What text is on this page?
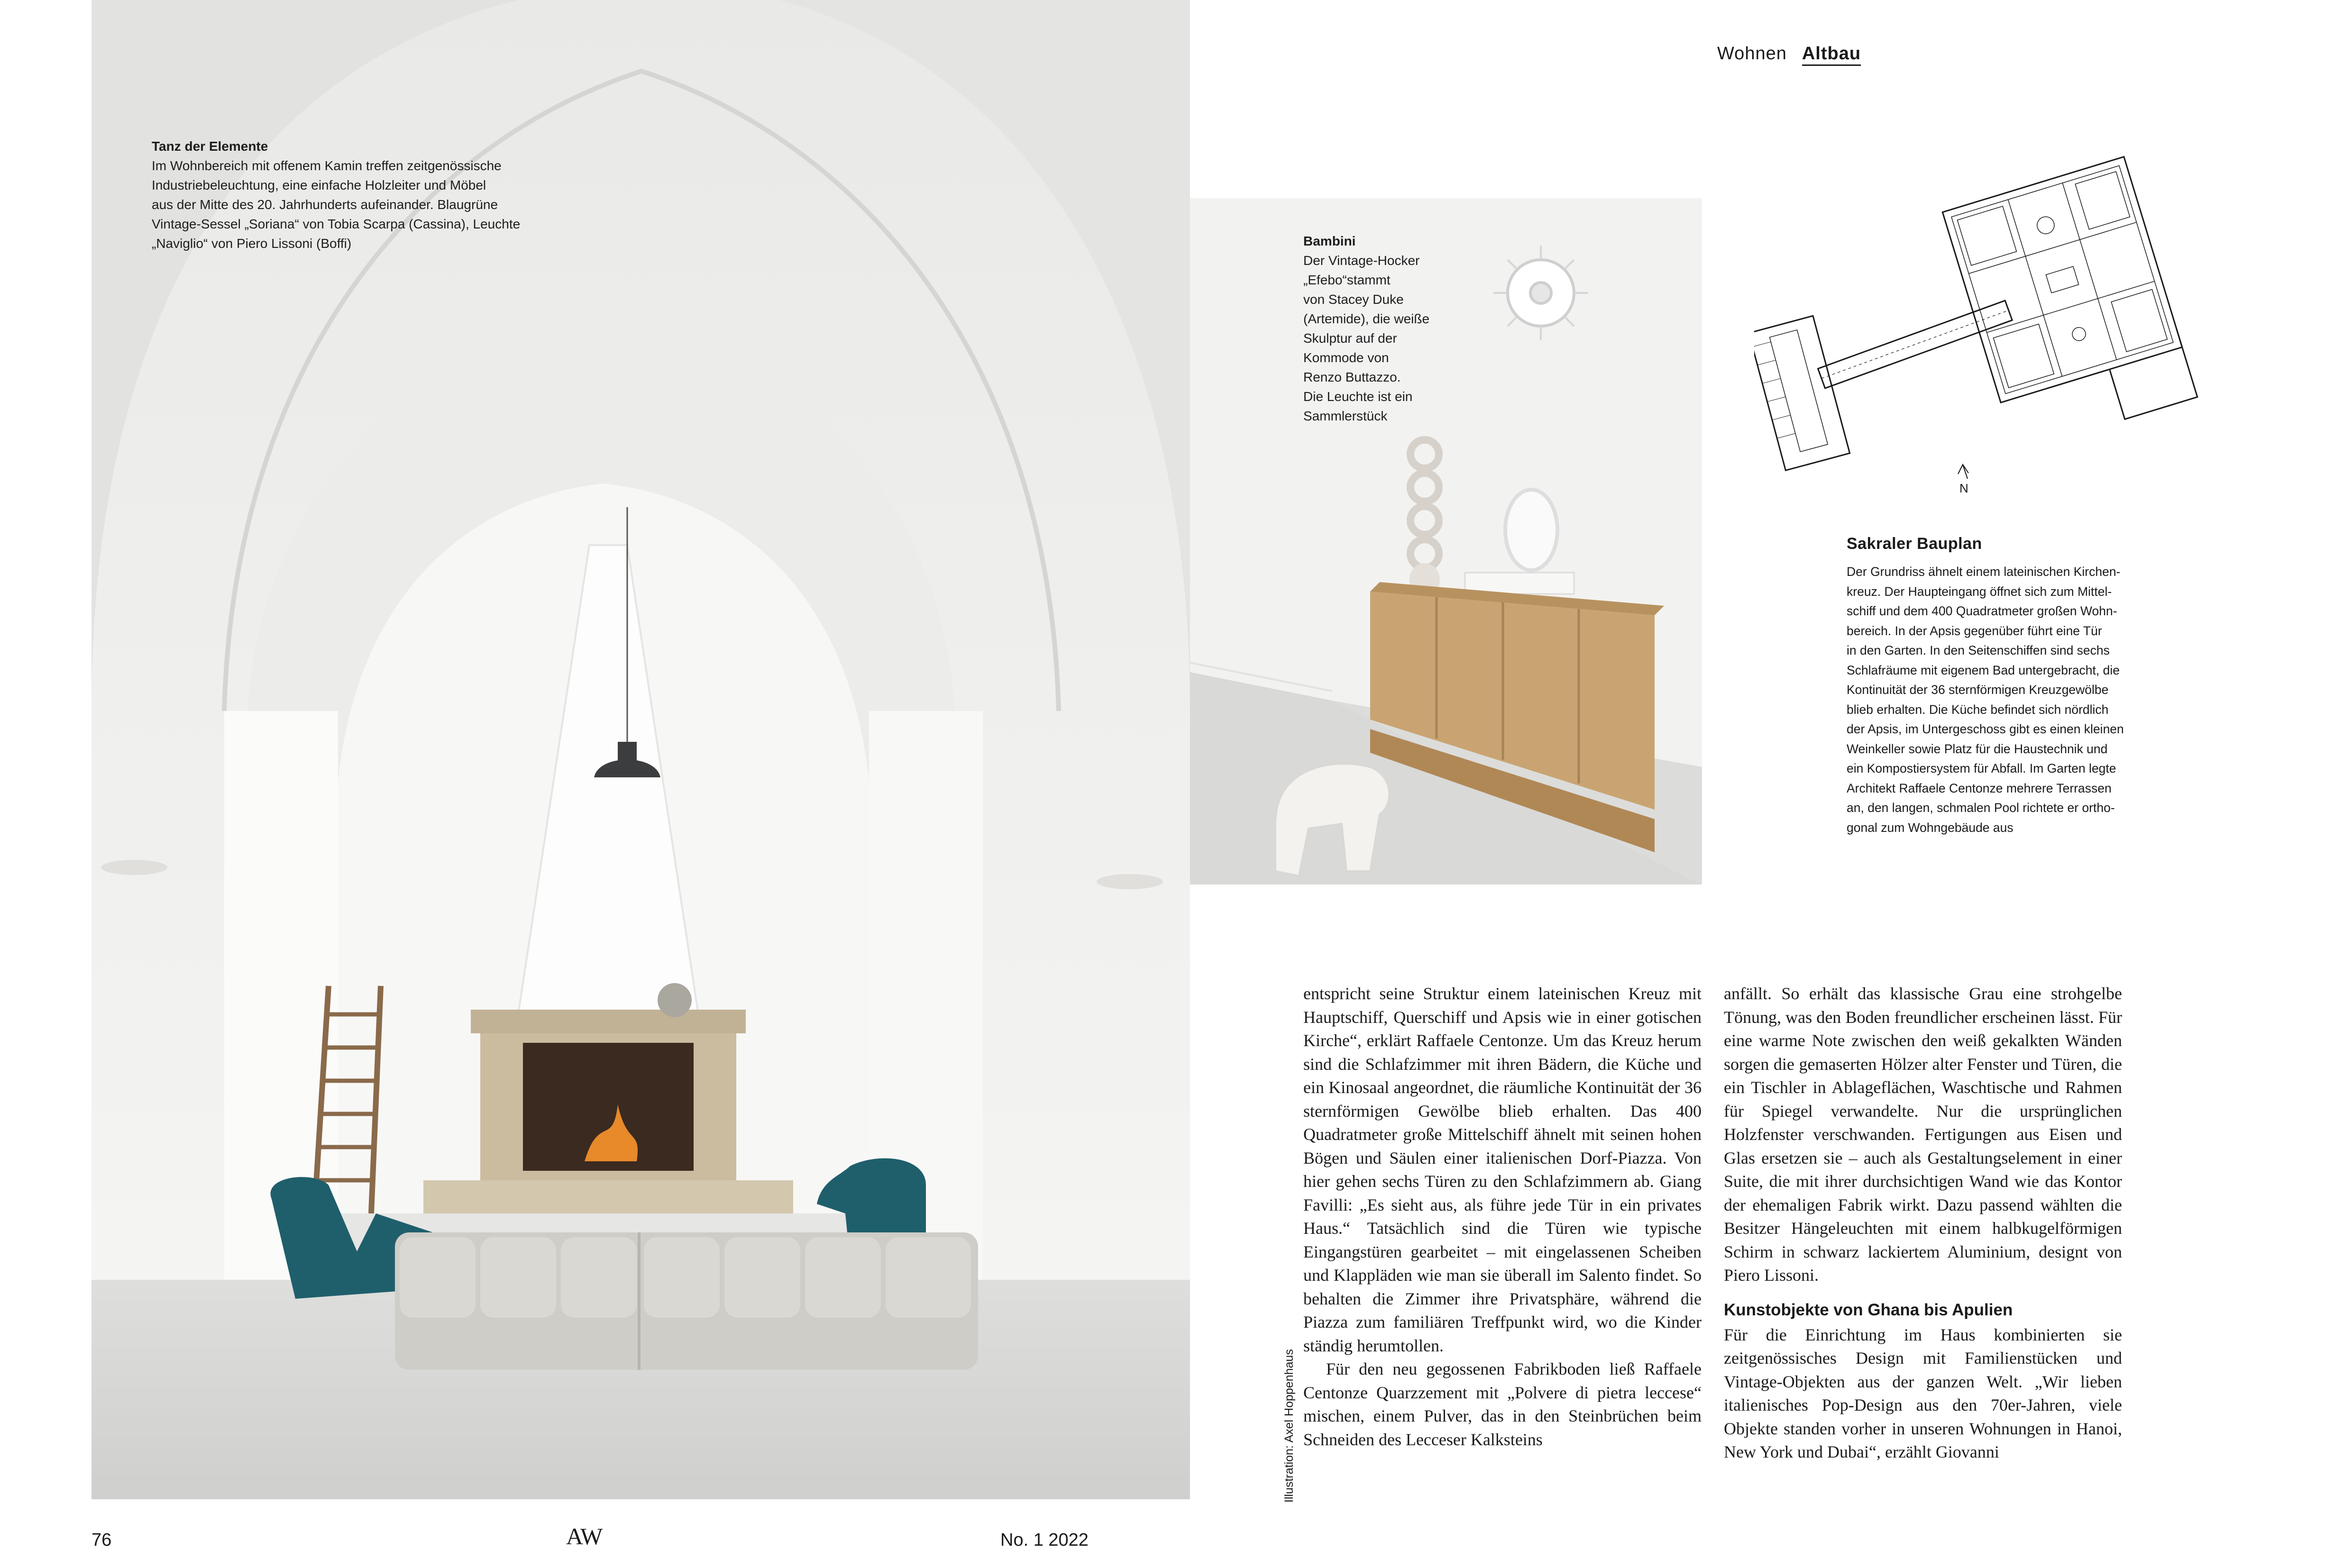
Tanz der Elemente
Im Wohnbereich mit offenem Kamin treffen zeitgenössische
Industriebeleuchtung, eine einfache Holzleiter und Möbel
aus der Mitte des 20. Jahrhunderts aufeinander. Blaugrüne
Vintage-Sessel „Soriana“ von Tobia Scarpa (Cassina), Leuchte
„Naviglio“ von Piero Lissoni (Boffi)	Bambini
Der Vintage-Hocker
„Efebo“stammt
von Stacey Duke
(Artemide), die weiße
Skulptur auf der
Kommode von
Renzo Buttazzo.
Die Leuchte ist ein
Sammlerstück
Wohnen Altbau
N
Sakraler Bauplan
Der Grundriss ähnelt einem lateinischen Kirchen-
kreuz. Der Haupteingang öffnet sich zum Mittel-
schiff und dem 400 Quadratmeter großen Wohn-
bereich. In der Apsis gegenüber führt eine Tür
in den Garten. In den Seitenschiffen sind sechs
Schlafräume mit eigenem Bad untergebracht, die
Kontinuität der 36 sternförmigen Kreuzgewölbe
blieb erhalten. Die Küche befindet sich nördlich
der Apsis, im Untergeschoss gibt es einen kleinen
Weinkeller sowie Platz für die Haustechnik und
ein Kompostiersystem für Abfall. Im Garten legte
Architekt Raffaele Centonze mehrere Terrassen
an, den langen, schmalen Pool richtete er ortho-
gonal zum Wohngebäude aus

entspricht seine Struktur einem lateinischen Kreuz mit Hauptschiff, Querschiff und Apsis wie in einer gotischen Kirche“, erklärt Raffaele Centonze. Um das Kreuz herum sind die Schlafzimmer mit ihren Bädern, die Küche und ein Kinosaal angeordnet, die räumliche Kontinuität der 36 sternförmigen Gewölbe blieb erhalten. Das 400 Quadratmeter große Mittelschiff ähnelt mit seinen hohen Bögen und Säulen einer italienischen Dorf-Piazza. Von hier gehen sechs Türen zu den Schlafzimmern ab. Giang Favilli: „Es sieht aus, als führe jede Tür in ein privates Haus.“ Tatsächlich sind die Türen wie typische Eingangstüren gearbeitet – mit eingelassenen Scheiben und Klappläden wie man sie überall im Salento findet. So behalten die Zimmer ihre Privatsphäre, während die Piazza zum familiären Treffpunkt wird, wo die Kinder ständig herumtollen.

Für den neu gegossenen Fabrikboden ließ Raffaele Centonze Quarzzement mit „Polvere di pietra leccese“ mischen, einem Pulver, das in den Steinbrüchen beim Schneiden des Lecceser Kalksteins

anfällt. So erhält das klassische Grau eine strohgelbe Tönung, was den Boden freundlicher erscheinen lässt. Für eine warme Note zwischen den weiß gekalkten Wänden sorgen die gemaserten Hölzer alter Fenster und Türen, die ein Tischler in Ablageflächen, Waschtische und Rahmen für Spiegel verwandelte. Nur die ursprünglichen Holzfenster verschwanden. Fertigungen aus Eisen und Glas ersetzen sie – auch als Gestaltungselement in einer Suite, die mit ihrer durchsichtigen Wand wie das Kontor der ehemaligen Fabrik wirkt. Dazu passend wählten die Besitzer Hängeleuchten mit einem halbkugelförmigen Schirm in schwarz lackiertem Aluminium, designt von Piero Lissoni.

Kunstobjekte von Ghana bis Apulien

Für die Einrichtung im Haus kombinierten sie zeitgenössisches Design mit Familienstücken und Vintage-Objekten aus der ganzen Welt. „Wir lieben italienisches Pop-Design aus den 70er-Jahren, viele Objekte standen vorher in unseren Wohnungen in Hanoi, New York und Dubai“, erzählt Giovanni

Illustration: Axel Hoppenhaus
76	AW	No. 1 2022
